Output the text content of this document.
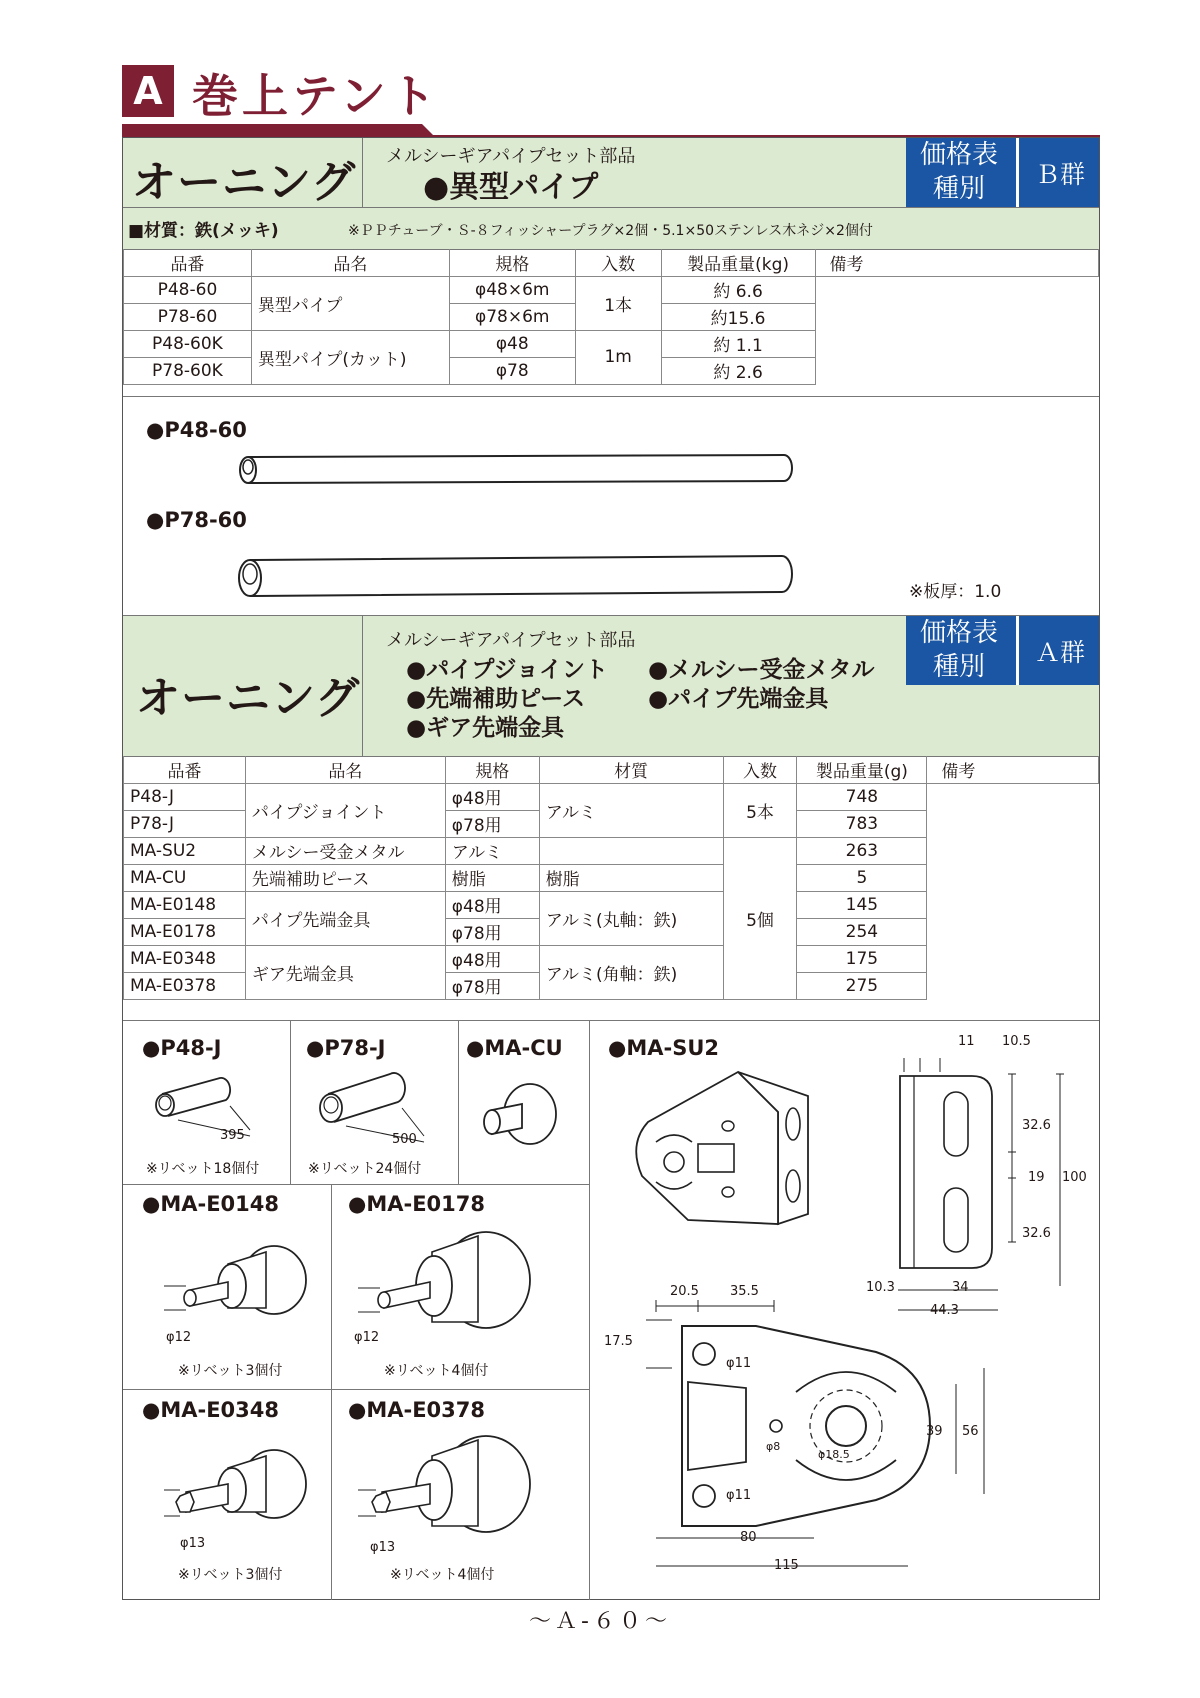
A 巻上テント
オーニング
メルシーギアパイプセット部品
●異型パイプ
価格表
種別	Ｂ群
■材質：鉄(メッキ)	※ＰＰチューブ・Ｓ-８フィッシャープラグ×2個・5.1×50ステンレス木ネジ×2個付
品番	品名	規格	入数	製品重量(kg)	備考
P48-60	異型パイプ	φ48×6m	1本	約 6.6	
P78-60		φ78×6m		約15.6	
P48-60K	異型パイプ(カット)	φ48	1m	約 1.1	
P78-60K		φ78		約 2.6	
●P48-60
●P78-60
※板厚：1.0
オーニング
メルシーギアパイプセット部品
●パイプジョイント ●メルシー受金メタル
●先端補助ピース	●パイプ先端金具
●ギア先端金具
価格表
種別	Ａ群
品番	品名	規格	材質	入数	製品重量(g)	備考
P48-J	パイプジョイント	φ48用	アルミ	5本	748	
P78-J		φ78用			783	
MA-SU2	メルシー受金メタル	アルミ		5個	263	
MA-CU	先端補助ピース	樹脂	樹脂		5	
MA-E0148	パイプ先端金具	φ48用	アルミ(丸軸：鉄)		145	
MA-E0178		φ78用			254	
MA-E0348	ギア先端金具	φ48用	アルミ(角軸：鉄)		175	
MA-E0378		φ78用			275	
●P48-J
395
※リベット18個付
●P78-J
500
※リベット24個付
●MA-CU ●MA-SU2	11 10.5
32.6
19 100
32.6
10.3	34
44.3
20.5 35.5
17.5
φ11
φ8
φ18.5
φ11
39 56
80
115
●MA-E0148
φ12
※リベット3個付
●MA-E0178
φ12
※リベット4個付
●MA-E0348
φ13
※リベット3個付
●MA-E0378
φ13
※リベット4個付
～Ａ-６０～
